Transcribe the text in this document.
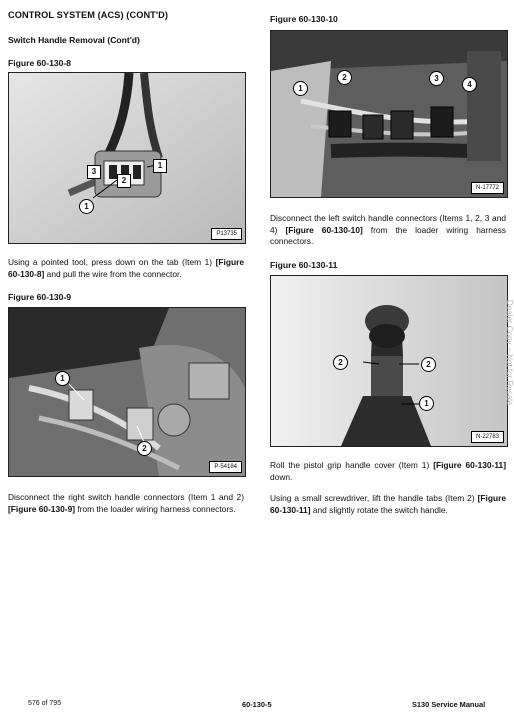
CONTROL SYSTEM (ACS) (CONT'D)
Switch Handle Removal (Cont'd)
Figure 60-130-8
3
2
1
1
P13735
Using a pointed tool, press down on the tab (Item 1) [Figure 60-130-8] and pull the wire from the connector.
Figure 60-130-9
1
2
P-54184
Disconnect the right switch handle connectors (Item 1 and 2) [Figure 60-130-9] from the loader wiring harness connectors.
Figure 60-130-10
1
2	3
4
N-17772
Disconnect the left switch handle connectors (Items 1, 2, 3 and 4) [Figure 60-130-10] from the loader wiring harness connectors.
Figure 60-130-11
2	2
1
N-22783
Roll the pistol grip handle cover (Item 1) [Figure 60-130-11] down.
Using a small screwdriver, lift the handle tabs (Item 2) [Figure 60-130-11] and slightly rotate the switch handle.
Dealer Copy -- Not for Resale
576 of 795	60-130-5	S130 Service Manual
